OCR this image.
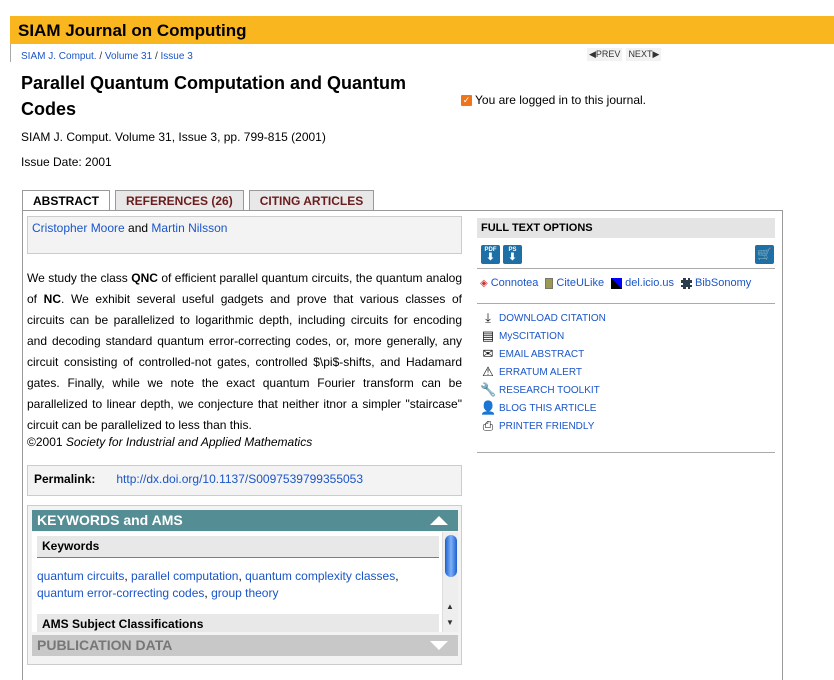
SIAM Journal on Computing
SIAM J. Comput. / Volume 31 / Issue 3	◀PREV NEXT▶
Parallel Quantum Computation and Quantum Codes	✓ You are logged in to this journal.
SIAM J. Comput. Volume 31, Issue 3, pp. 799-815 (2001)
Issue Date: 2001
ABSTRACT	REFERENCES (26)	CITING ARTICLES
Cristopher Moore and Martin Nilsson
We study the class QNC of efficient parallel quantum circuits, the quantum analog of NC. We exhibit several useful gadgets and prove that various classes of circuits can be parallelized to logarithmic depth, including circuits for encoding and decoding standard quantum error-correcting codes, or, more generally, any circuit consisting of controlled-not gates, controlled $\pi$-shifts, and Hadamard gates. Finally, while we note the exact quantum Fourier transform can be parallelized to linear depth, we conjecture that neither itnor a simpler "staircase" circuit can be parallelized to less than this.
©2001 Society for Industrial and Applied Mathematics
Permalink: http://dx.doi.org/10.1137/S0097539799355053
KEYWORDS and AMS
Keywords
quantum circuits, parallel computation, quantum complexity classes,
quantum error-correcting codes, group theory
AMS Subject Classifications
▲
▼
PUBLICATION DATA
FULL TEXT OPTIONS
PDF
⬇
PS
⬇	🛒
◈ Connotea CiteULike del.icio.us BibSonomy
⤓ DOWNLOAD CITATION
▤ MySCITATION
✉ EMAIL ABSTRACT
⚠ ERRATUM ALERT
🔧 RESEARCH TOOLKIT
👤 BLOG THIS ARTICLE
⎙ PRINTER FRIENDLY
